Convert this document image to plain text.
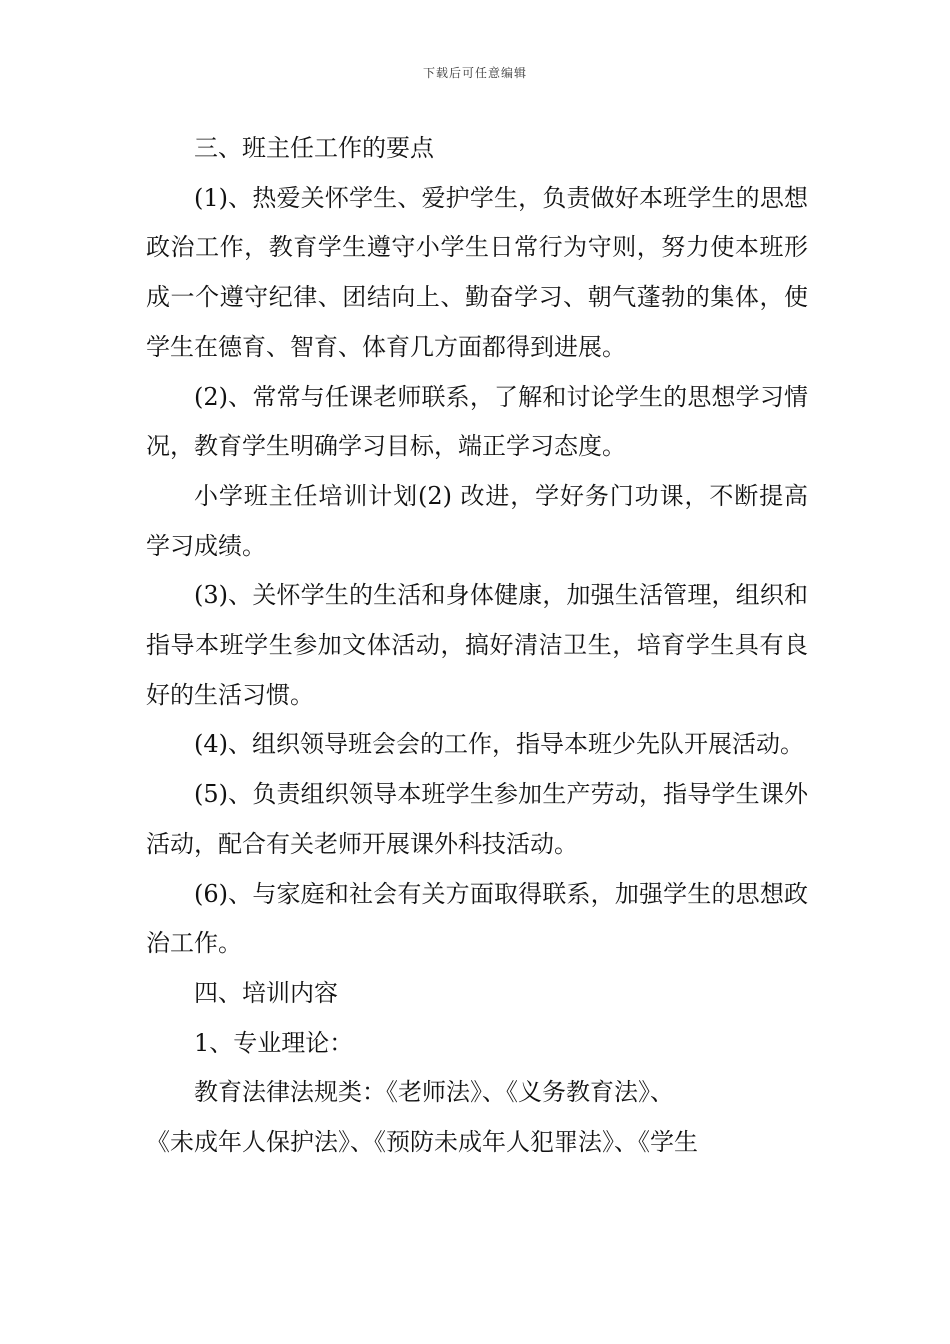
下载后可任意编辑

三、班主任工作的要点

(1)、热爱关怀学生、爱护学生，负责做好本班学生的思想政治工作，教育学生遵守小学生日常行为守则，努力使本班形成一个遵守纪律、团结向上、勤奋学习、朝气蓬勃的集体，使学生在德育、智育、体育几方面都得到进展。

(2)、常常与任课老师联系，了解和讨论学生的思想学习情况，教育学生明确学习目标，端正学习态度。

小学班主任培训计划(2) 改进，学好务门功课，不断提高学习成绩。

(3)、关怀学生的生活和身体健康，加强生活管理，组织和指导本班学生参加文体活动，搞好清洁卫生，培育学生具有良好的生活习惯。

(4)、组织领导班会会的工作，指导本班少先队开展活动。

(5)、负责组织领导本班学生参加生产劳动，指导学生课外活动，配合有关老师开展课外科技活动。

(6)、与家庭和社会有关方面取得联系，加强学生的思想政治工作。

四、培训内容

1、专业理论：

教育法律法规类：《老师法》、《义务教育法》、

《未成年人保护法》、《预防未成年人犯罪法》、《学生
